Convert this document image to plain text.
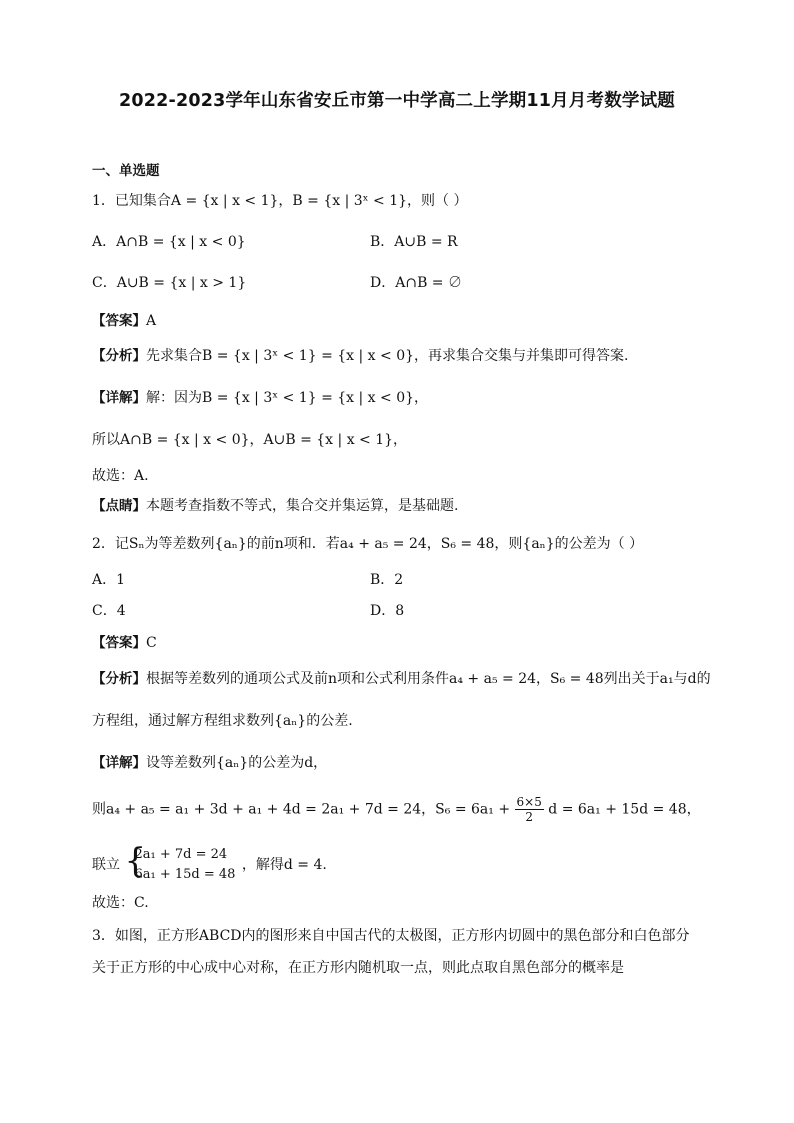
2022-2023学年山东省安丘市第一中学高二上学期11月月考数学试题
一、单选题
1．已知集合A = {x | x < 1}，B = {x | 3ˣ < 1}，则（ ）
A．A∩B = {x | x < 0}	B．A∪B = R
C．A∪B = {x | x > 1}	D．A∩B = ∅
【答案】A
【分析】先求集合B = {x | 3ˣ < 1} = {x | x < 0}，再求集合交集与并集即可得答案.
【详解】解：因为B = {x | 3ˣ < 1} = {x | x < 0}，
所以A∩B = {x | x < 0}，A∪B = {x | x < 1}，
故选：A.
【点睛】本题考查指数不等式，集合交并集运算，是基础题.
2．记Sₙ为等差数列{aₙ}的前n项和．若a₄ + a₅ = 24，S₆ = 48，则{aₙ}的公差为（ ）
A．1	B．2
C．4	D．8
【答案】C
【分析】根据等差数列的通项公式及前n项和公式利用条件a₄ + a₅ = 24，S₆ = 48列出关于a₁与d的
方程组，通过解方程组求数列{aₙ}的公差.
【详解】设等差数列{aₙ}的公差为d，
则a₄ + a₅ = a₁ + 3d + a₁ + 4d = 2a₁ + 7d = 24，$S_6 = 6a_1 + \frac{6\times 5}{2}$ d = 6a₁ + 15d = 48，
联立 {
2a₁ + 7d = 24
6a₁ + 15d = 48
，解得d = 4.
故选：C.
3．如图，正方形ABCD内的图形来自中国古代的太极图，正方形内切圆中的黑色部分和白色部分
关于正方形的中心成中心对称，在正方形内随机取一点，则此点取自黑色部分的概率是
